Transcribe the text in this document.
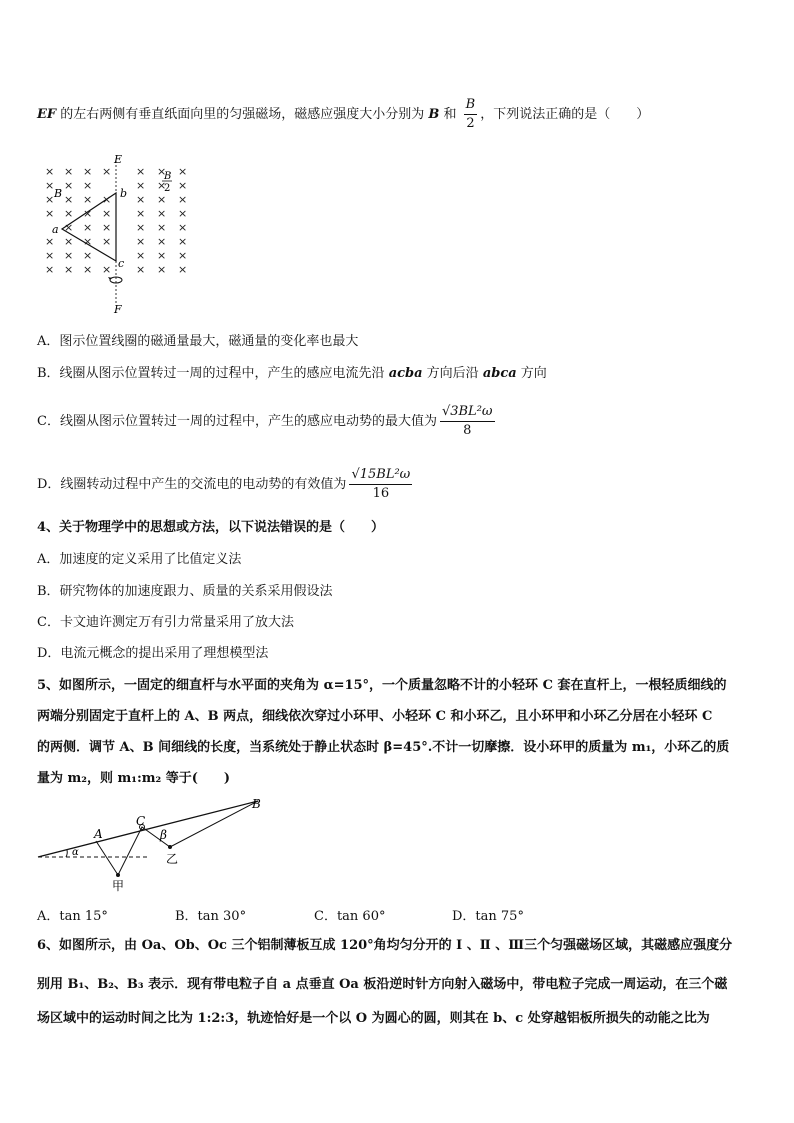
EF 的左右两侧有垂直纸面向里的匀强磁场，磁感应强度大小分别为 B 和 $\frac{B}{2}$ ，下列说法正确的是（　　）
× × × × × × ×
× × ×	× × ×
× × × × × × ×
× × × × × × ×
× × × × × ×
× × × × × × ×
× × ×	× × ×
× × × × × × ×
E
F
B
B
2
a
b
c
A．图示位置线圈的磁通量最大，磁通量的变化率也最大
B．线圈从图示位置转过一周的过程中，产生的感应电流先沿 acba 方向后沿 abca 方向
C．线圈从图示位置转过一周的过程中，产生的感应电动势的最大值为 $\frac{\text{√3BL²ω}}{8}$
D．线圈转动过程中产生的交流电的电动势的有效值为 $\frac{\text{√15BL²ω}}{16}$
4、关于物理学中的思想或方法，以下说法错误的是（　　）
A．加速度的定义采用了比值定义法
B．研究物体的加速度跟力、质量的关系采用假设法
C．卡文迪许测定万有引力常量采用了放大法
D．电流元概念的提出采用了理想模型法
5、如图所示，一固定的细直杆与水平面的夹角为 α=15°，一个质量忽略不计的小轻环 C 套在直杆上，一根轻质细线的
两端分别固定于直杆上的 A、B 两点，细线依次穿过小环甲、小轻环 C 和小环乙，且小环甲和小环乙分居在小轻环 C
的两侧．调节 A、B 间细线的长度，当系统处于静止状态时 β=45°.不计一切摩擦．设小环甲的质量为 m₁，小环乙的质
量为 m₂，则 m₁:m₂ 等于(　　)
A
B
C
β
α
甲
乙
A．tan 15°	B．tan 30°	C．tan 60°	D．tan 75°
6、如图所示，由 Oa、Ob、Oc 三个铝制薄板互成 120°角均匀分开的 Ⅰ 、Ⅱ 、Ⅲ三个匀强磁场区域，其磁感应强度分
别用 B₁、B₂、B₃ 表示．现有带电粒子自 a 点垂直 Oa 板沿逆时针方向射入磁场中，带电粒子完成一周运动，在三个磁
场区域中的运动时间之比为 1:2:3，轨迹恰好是一个以 O 为圆心的圆，则其在 b、c 处穿越铝板所损失的动能之比为
